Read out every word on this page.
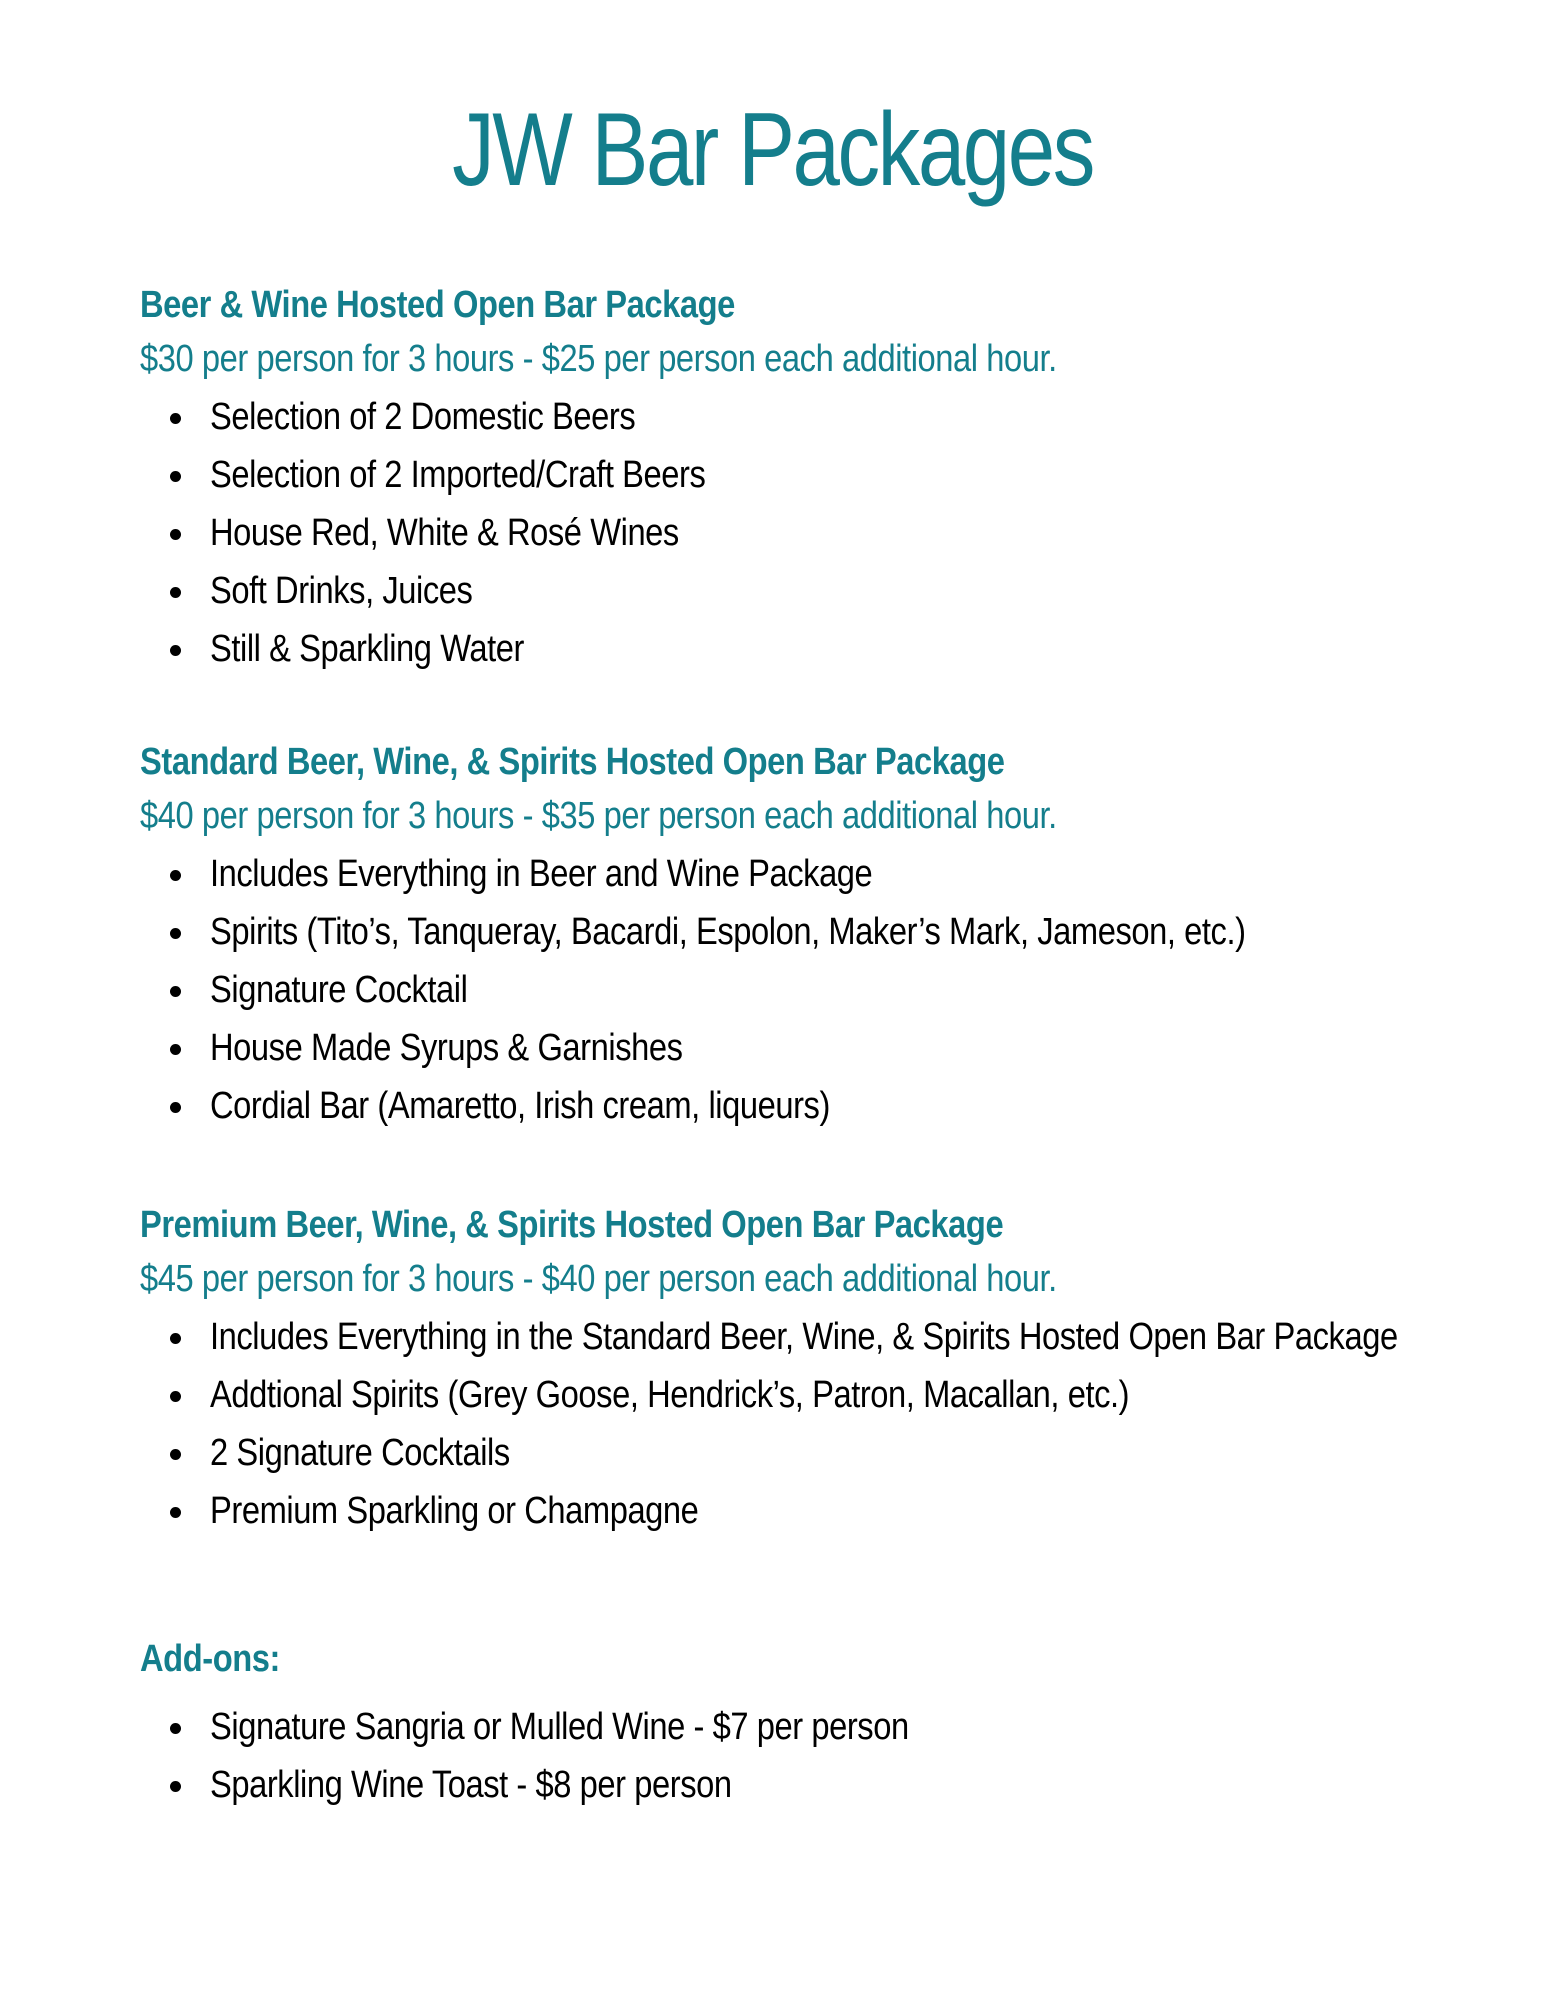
JW Bar Packages
Beer & Wine Hosted Open Bar Package
$30 per person for 3 hours - $25 per person each additional hour.
Selection of 2 Domestic Beers
Selection of 2 Imported/Craft Beers
House Red, White & Rosé Wines
Soft Drinks, Juices
Still & Sparkling Water
Standard Beer, Wine, & Spirits Hosted Open Bar Package
$40 per person for 3 hours - $35 per person each additional hour.
Includes Everything in Beer and Wine Package
Spirits (Tito’s, Tanqueray, Bacardi, Espolon, Maker’s Mark, Jameson, etc.)
Signature Cocktail
House Made Syrups & Garnishes
Cordial Bar (Amaretto, Irish cream, liqueurs)
Premium Beer, Wine, & Spirits Hosted Open Bar Package
$45 per person for 3 hours - $40 per person each additional hour.
Includes Everything in the Standard Beer, Wine, & Spirits Hosted Open Bar Package
Addtional Spirits (Grey Goose, Hendrick’s, Patron, Macallan, etc.)
2 Signature Cocktails
Premium Sparkling or Champagne
Add-ons:
Signature Sangria or Mulled Wine - $7 per person
Sparkling Wine Toast - $8 per person
